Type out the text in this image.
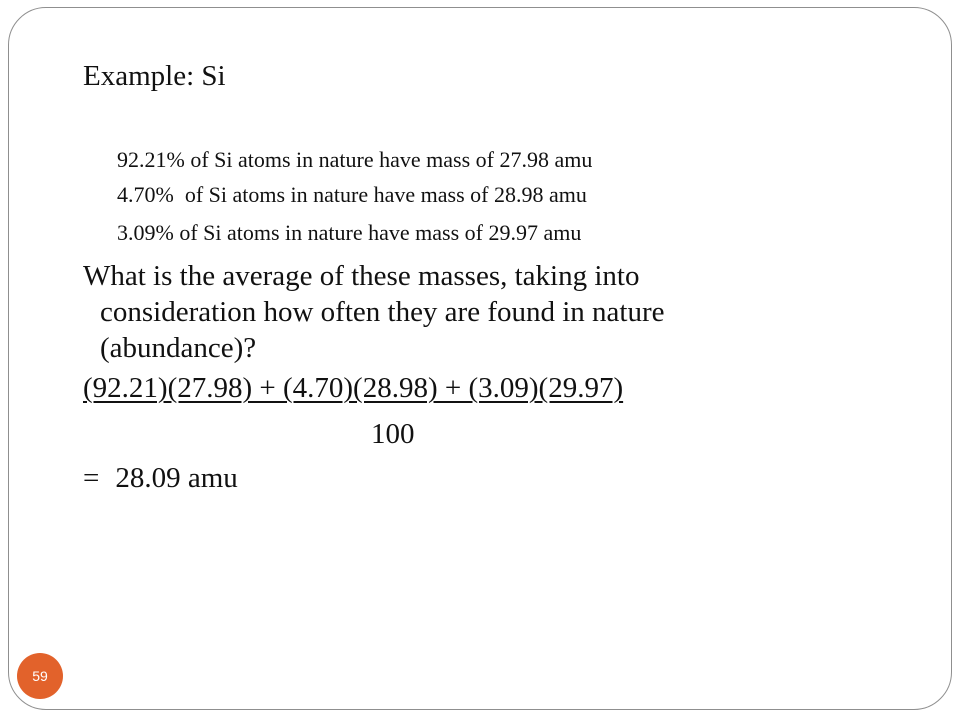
Example: Si
92.21% of Si atoms in nature have mass of 27.98 amu
4.70%  of Si atoms in nature have mass of 28.98 amu
3.09% of Si atoms in nature have mass of 29.97 amu
What is the average of these masses, taking into
consideration how often they are found in nature
(abundance)?
(92.21)(27.98) + (4.70)(28.98) + (3.09)(29.97)
100
= 28.09 amu
59
